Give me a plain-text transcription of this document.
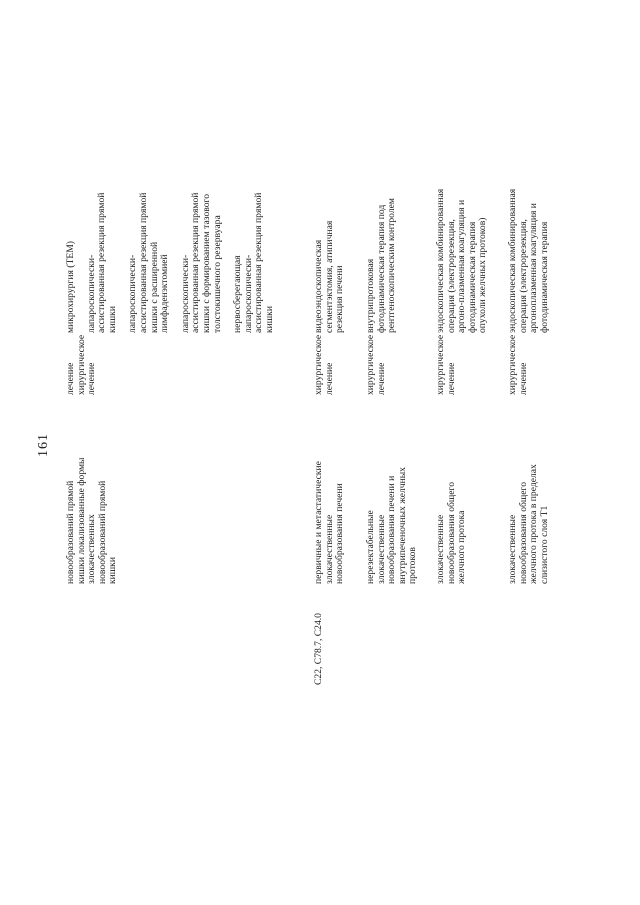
161
новообразований прямой кишки локализованные формы злокачественных новообразований прямой кишки
лечение хирургическое лечение
микрохирургия (ТЕМ) лапароскопически- ассистированная резекция прямой кишки лапароскопически- ассистированная резекция прямой кишки с расширенной лимфаденэктомией лапароскопически- ассистированная резекция прямой кишки с формированием тазового толстокишечного резервуара нервосберегающая лапароскопически- ассистированная резекция прямой кишки
C22, C78.7, C24.0
первичные и метастатические злокачественные новообразования печени
хирургическое лечение
видеоэндоскопическая сегментэктомия, атипичная резекция печени
нерезектабельные злокачественные новообразования печени и внутрипеченочных желчных протоков
хирургическое лечение
внутрипротоковая фотодинамическая терапия под рентгеноскопическим контролем
злокачественные новообразования общего желчного протока
хирургическое лечение
эндоскопическая комбинированная операция (электрорезекция, аргоно-плазменная коагуляция и фотодинамическая терапия опухоли желчных протоков)
злокачественные новообразования общего желчного протока в пределах слизистого слоя T1
хирургическое лечение
эндоскопическая комбинированная операция (электрорезекция, аргоноплазменная коагуляция и фотодинамическая терапия
